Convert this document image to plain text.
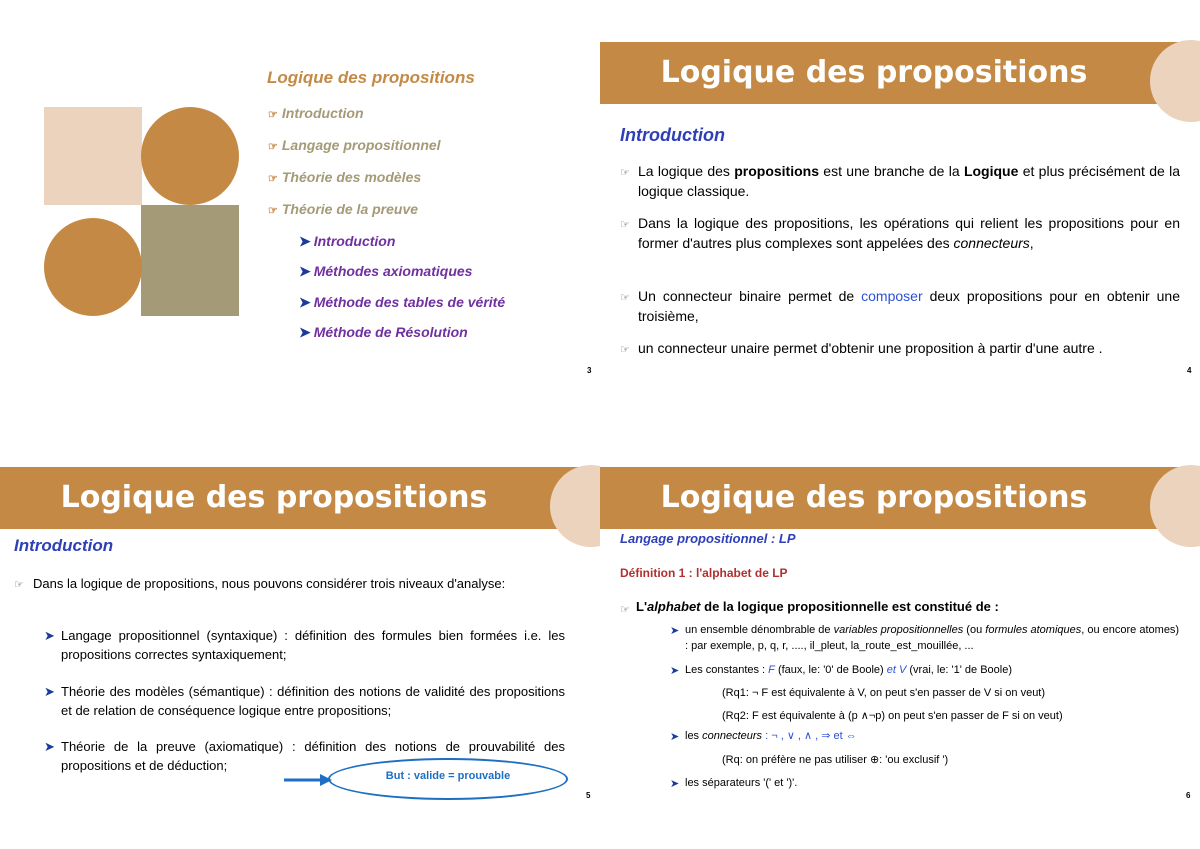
Logique des propositions
☞ Introduction
☞ Langage propositionnel
☞ Théorie des modèles
☞ Théorie de la preuve
➤ Introduction
➤ Méthodes axiomatiques
➤ Méthode des tables de vérité
➤ Méthode de Résolution
3
Logique des propositions
Introduction
☞ La logique des propositions est une branche de la Logique et plus précisément de la logique classique.
☞ Dans la logique des propositions, les opérations qui relient les propositions pour en former d'autres plus complexes sont appelées des connecteurs,
☞ Un connecteur binaire permet de composer deux propositions pour en obtenir une troisième,
☞ un connecteur unaire permet d'obtenir une proposition à partir d'une autre .
4
Logique des propositions
Introduction
☞ Dans la logique de propositions, nous pouvons considérer trois niveaux d'analyse:
➤ Langage propositionnel (syntaxique) : définition des formules bien formées i.e. les propositions correctes syntaxiquement;
➤ Théorie des modèles (sémantique) : définition des notions de validité des propositions et de relation de conséquence logique entre propositions;
➤ Théorie de la preuve (axiomatique) : définition des notions de prouvabilité des propositions et de déduction;
But : valide = prouvable
5
Logique des propositions
Langage propositionnel : LP
Définition 1 : l'alphabet de LP
☞ L'alphabet de la logique propositionnelle est constitué de :
➤ un ensemble dénombrable de variables propositionnelles (ou formules atomiques, ou encore atomes) : par exemple, p, q, r, ...., il_pleut, la_route_est_mouillée, ...
➤ Les constantes : F (faux, le: '0' de Boole) et V (vrai, le: '1' de Boole)
(Rq1: ¬ F est équivalente à V, on peut s'en passer de V si on veut)
(Rq2: F est équivalente à (p ∧¬p) on peut s'en passer de F si on veut)
➤ les connecteurs : ¬ , ∨ , ∧ , ⇒ et ⇔
(Rq: on préfère ne pas utiliser ⊕: 'ou exclusif ')
➤ les séparateurs '(' et ')'.
6
